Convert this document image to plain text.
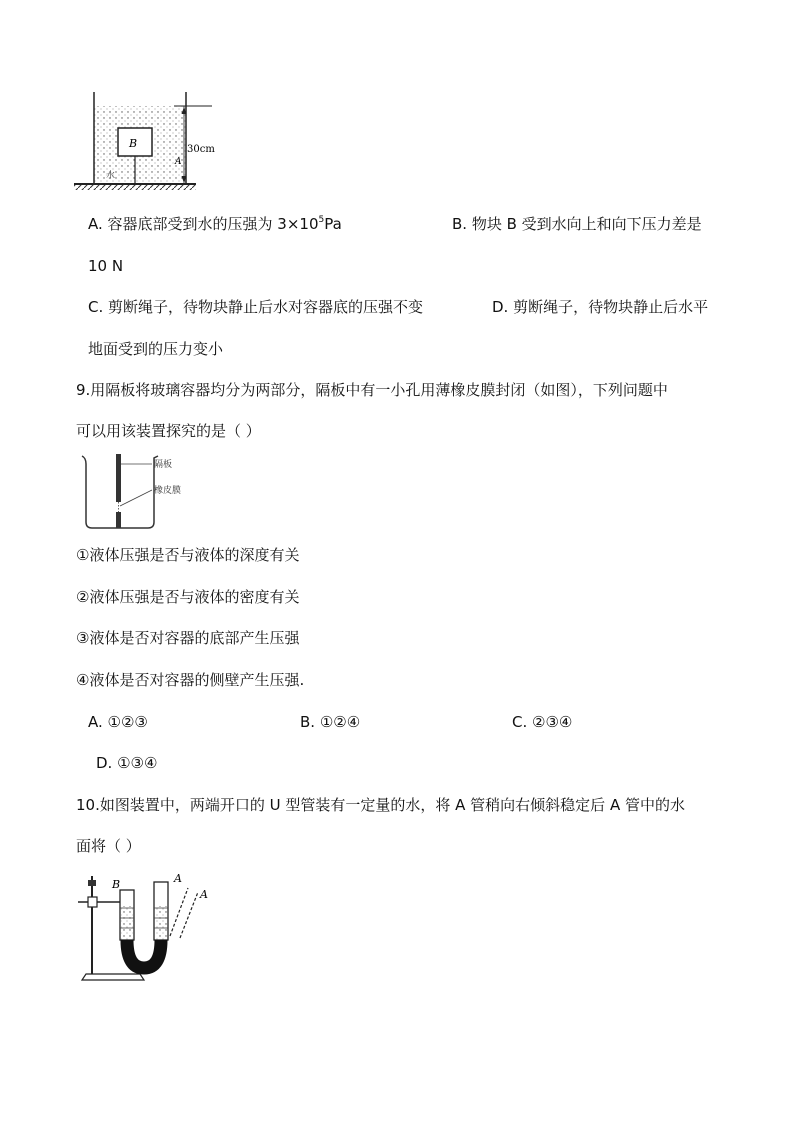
B	30cm
A
水
A. 容器底部受到水的压强为 $3\times 10^5Pa$	B. 物块 B 受到水向上和向下压力差是
10 N
C. 剪断绳子，待物块静止后水对容器底的压强不变	D. 剪断绳子，待物块静止后水平
地面受到的压力变小
9.用隔板将玻璃容器均分为两部分，隔板中有一小孔用薄橡皮膜封闭（如图），下列问题中
可以用该装置探究的是（ ）
隔板
橡皮膜
①液体压强是否与液体的深度有关
②液体压强是否与液体的密度有关
③液体是否对容器的底部产生压强
④液体是否对容器的侧壁产生压强.
A. ①②③	B. ①②④	C. ②③④
D. ①③④
10.如图装置中，两端开口的 U 型管装有一定量的水，将 A 管稍向右倾斜稳定后 A 管中的水
面将（ ）
B	A
A
